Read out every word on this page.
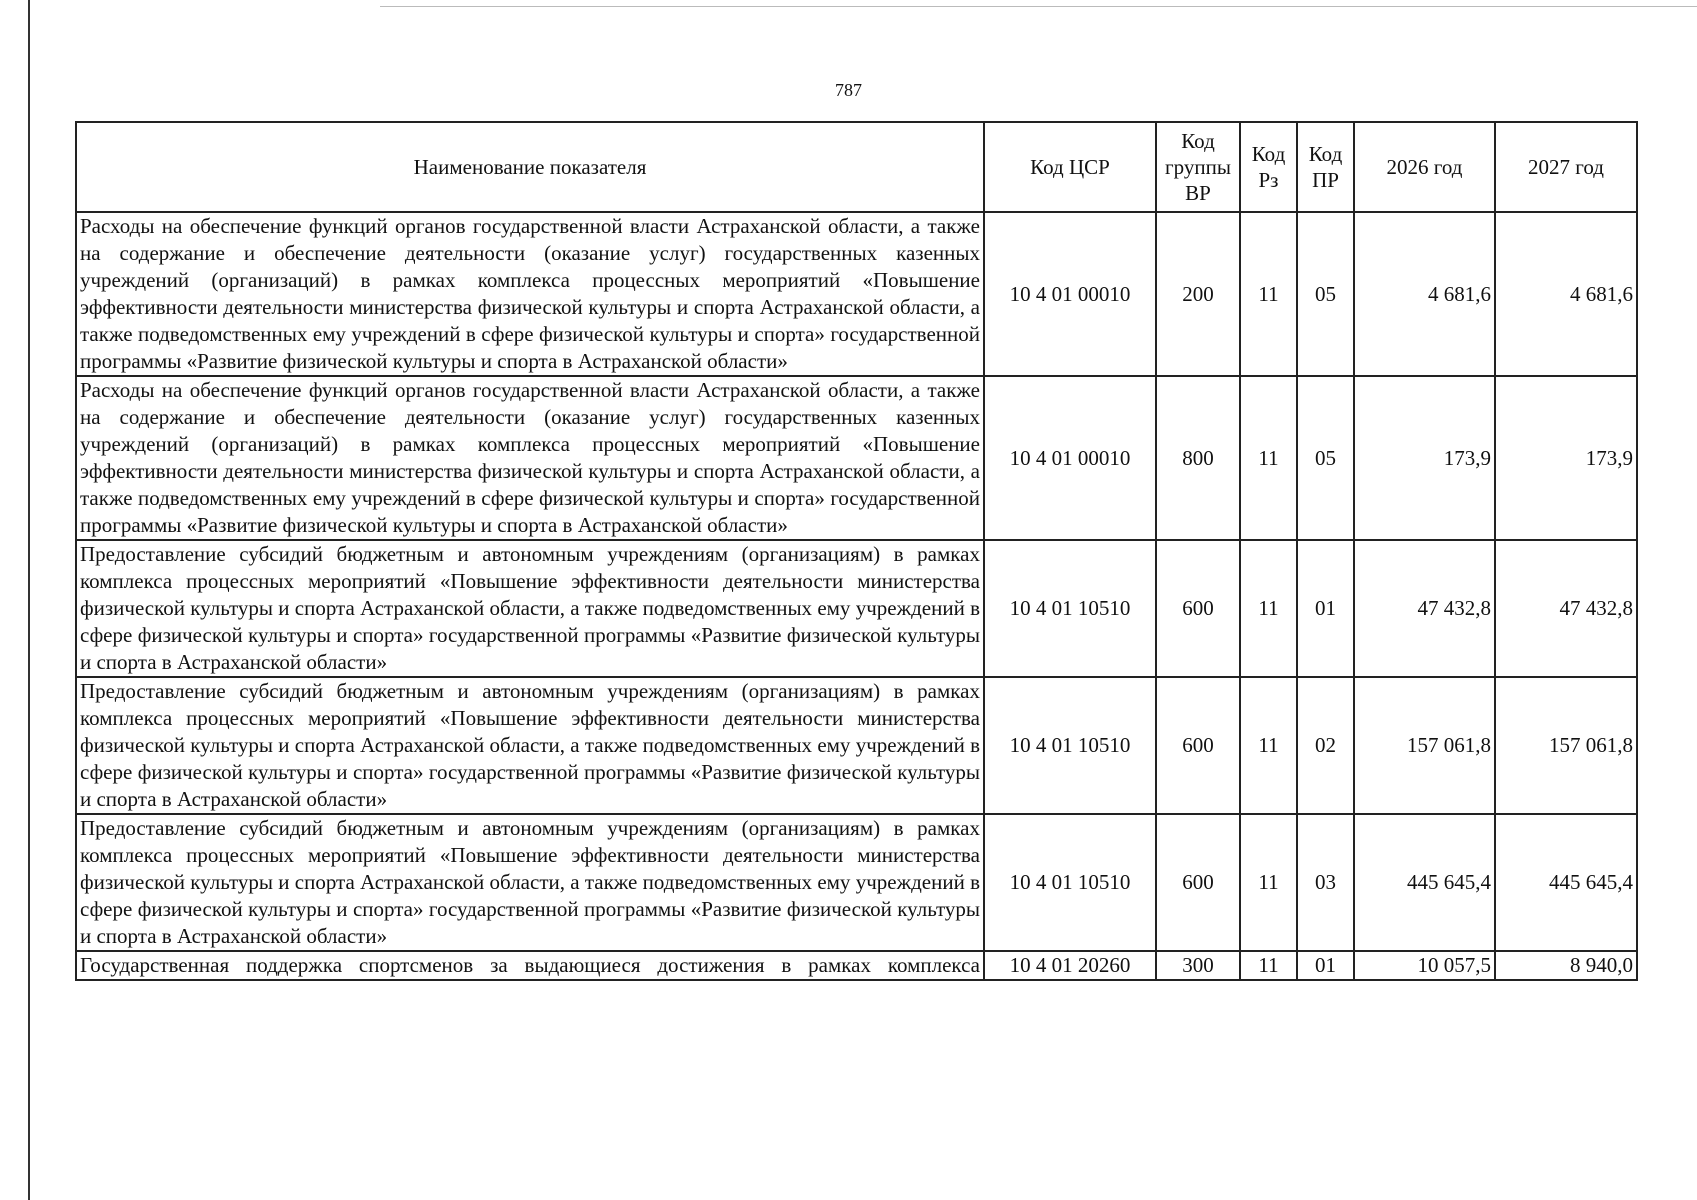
787
Наименование показателя	Код ЦСР	Код группы ВР	Код Рз	Код ПР	2026 год	2027 год
Расходы на обеспечение функций органов государственной власти Астраханской области, а также на содержание и обеспечение деятельности (оказание услуг) государственных казенных учреждений (организаций) в рамках комплекса процессных мероприятий «Повышение эффективности деятельности министерства физической культуры и спорта Астраханской области, а также подведомственных ему учреждений в сфере физической культуры и спорта» государственной программы «Развитие физической культуры и спорта в Астраханской области»	10 4 01 00010	200	11	05	4 681,6	4 681,6
Расходы на обеспечение функций органов государственной власти Астраханской области, а также на содержание и обеспечение деятельности (оказание услуг) государственных казенных учреждений (организаций) в рамках комплекса процессных мероприятий «Повышение эффективности деятельности министерства физической культуры и спорта Астраханской области, а также подведомственных ему учреждений в сфере физической культуры и спорта» государственной программы «Развитие физической культуры и спорта в Астраханской области»	10 4 01 00010	800	11	05	173,9	173,9
Предоставление субсидий бюджетным и автономным учреждениям (организациям) в рамках комплекса процессных мероприятий «Повышение эффективности деятельности министерства физической культуры и спорта Астраханской области, а также подведомственных ему учреждений в сфере физической культуры и спорта» государственной программы «Развитие физической культуры и спорта в Астраханской области»	10 4 01 10510	600	11	01	47 432,8	47 432,8
Предоставление субсидий бюджетным и автономным учреждениям (организациям) в рамках комплекса процессных мероприятий «Повышение эффективности деятельности министерства физической культуры и спорта Астраханской области, а также подведомственных ему учреждений в сфере физической культуры и спорта» государственной программы «Развитие физической культуры и спорта в Астраханской области»	10 4 01 10510	600	11	02	157 061,8	157 061,8
Предоставление субсидий бюджетным и автономным учреждениям (организациям) в рамках комплекса процессных мероприятий «Повышение эффективности деятельности министерства физической культуры и спорта Астраханской области, а также подведомственных ему учреждений в сфере физической культуры и спорта» государственной программы «Развитие физической культуры и спорта в Астраханской области»	10 4 01 10510	600	11	03	445 645,4	445 645,4
Государственная поддержка спортсменов за выдающиеся достижения в рамках комплекса	10 4 01 20260	300	11	01	10 057,5	8 940,0
